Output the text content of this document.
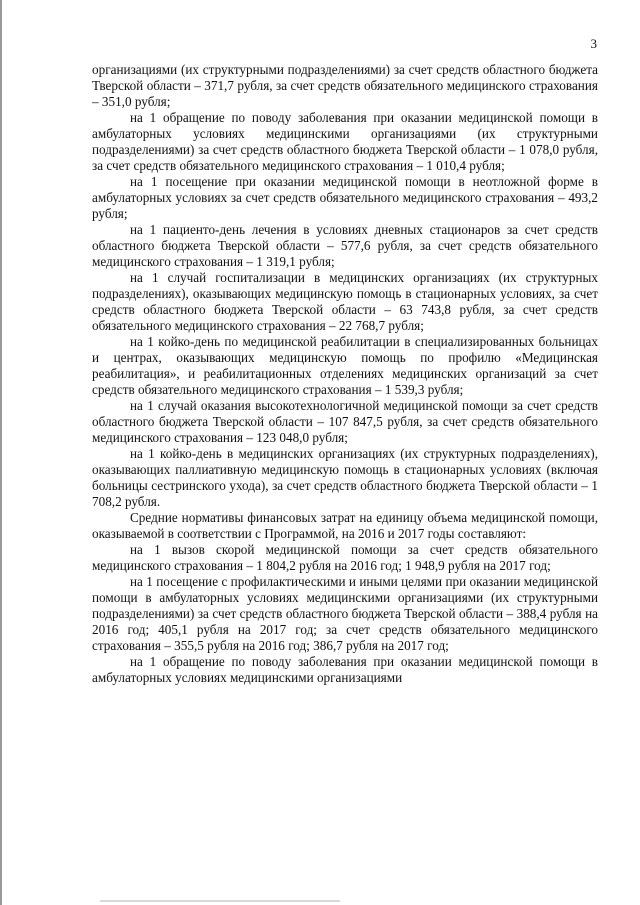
3

организациями (их структурными подразделениями) за счет средств областного бюджета Тверской области – 371,7 рубля, за счет средств обязательного медицинского страхования – 351,0 рубля;

на 1 обращение по поводу заболевания при оказании медицинской помощи в амбулаторных условиях медицинскими организациями (их структурными подразделениями) за счет средств областного бюджета Тверской области – 1 078,0 рубля, за счет средств обязательного медицинского страхования – 1 010,4 рубля;

на 1 посещение при оказании медицинской помощи в неотложной форме в амбулаторных условиях за счет средств обязательного медицинского страхования – 493,2 рубля;

на 1 пациенто-день лечения в условиях дневных стационаров за счет средств областного бюджета Тверской области – 577,6 рубля, за счет средств обязательного медицинского страхования – 1 319,1 рубля;

на 1 случай госпитализации в медицинских организациях (их структурных подразделениях), оказывающих медицинскую помощь в стационарных условиях, за счет средств областного бюджета Тверской области – 63 743,8 рубля, за счет средств обязательного медицинского страхования – 22 768,7 рубля;

на 1 койко-день по медицинской реабилитации в специализированных больницах и центрах, оказывающих медицинскую помощь по профилю «Медицинская реабилитация», и реабилитационных отделениях медицинских организаций за счет средств обязательного медицинского страхования – 1 539,3 рубля;

на 1 случай оказания высокотехнологичной медицинской помощи за счет средств областного бюджета Тверской области – 107 847,5 рубля, за счет средств обязательного медицинского страхования – 123 048,0 рубля;

на 1 койко-день в медицинских организациях (их структурных подразделениях), оказывающих паллиативную медицинскую помощь в стационарных условиях (включая больницы сестринского ухода), за счет средств областного бюджета Тверской области – 1 708,2 рубля.

Средние нормативы финансовых затрат на единицу объема медицинской помощи, оказываемой в соответствии с Программой, на 2016 и 2017 годы составляют:

на 1 вызов скорой медицинской помощи за счет средств обязательного медицинского страхования – 1 804,2 рубля на 2016 год; 1 948,9 рубля на 2017 год;

на 1 посещение с профилактическими и иными целями при оказании медицинской помощи в амбулаторных условиях медицинскими организациями (их структурными подразделениями) за счет средств областного бюджета Тверской области – 388,4 рубля на 2016 год; 405,1 рубля на 2017 год; за счет средств обязательного медицинского страхования – 355,5 рубля на 2016 год; 386,7 рубля на 2017 год;

на 1 обращение по поводу заболевания при оказании медицинской помощи в амбулаторных условиях медицинскими организациями
